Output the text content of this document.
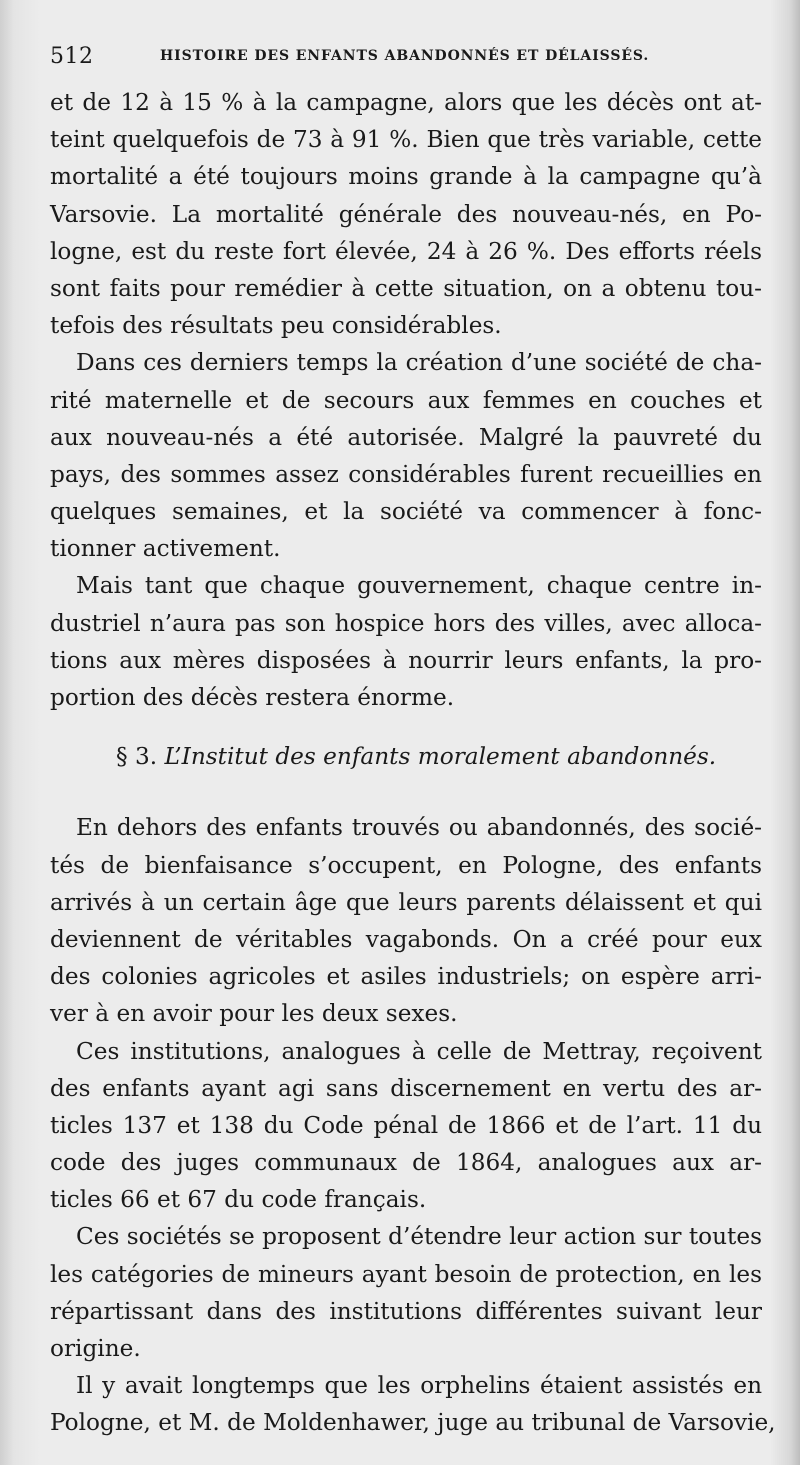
512	HISTOIRE DES ENFANTS ABANDONNÉS ET DÉLAISSÉS.
et de 12 à 15 % à la campagne, alors que les décès ont at-
teint quelquefois de 73 à 91 %. Bien que très variable, cette
mortalité a été toujours moins grande à la campagne qu’à
Varsovie. La mortalité générale des nouveau-nés, en Po-
logne, est du reste fort élevée, 24 à 26 %. Des efforts réels
sont faits pour remédier à cette situation, on a obtenu tou-
tefois des résultats peu considérables.
Dans ces derniers temps la création d’une société de cha-
rité maternelle et de secours aux femmes en couches et
aux nouveau-nés a été autorisée. Malgré la pauvreté du
pays, des sommes assez considérables furent recueillies en
quelques semaines, et la société va commencer à fonc-
tionner activement.
Mais tant que chaque gouvernement, chaque centre in-
dustriel n’aura pas son hospice hors des villes, avec alloca-
tions aux mères disposées à nourrir leurs enfants, la pro-
portion des décès restera énorme.
§ 3. L’Institut des enfants moralement abandonnés.
En dehors des enfants trouvés ou abandonnés, des socié-
tés de bienfaisance s’occupent, en Pologne, des enfants
arrivés à un certain âge que leurs parents délaissent et qui
deviennent de véritables vagabonds. On a créé pour eux
des colonies agricoles et asiles industriels; on espère arri-
ver à en avoir pour les deux sexes.
Ces institutions, analogues à celle de Mettray, reçoivent
des enfants ayant agi sans discernement en vertu des ar-
ticles 137 et 138 du Code pénal de 1866 et de l’art. 11 du
code des juges communaux de 1864, analogues aux ar-
ticles 66 et 67 du code français.
Ces sociétés se proposent d’étendre leur action sur toutes
les catégories de mineurs ayant besoin de protection, en les
répartissant dans des institutions différentes suivant leur
origine.
Il y avait longtemps que les orphelins étaient assistés en
Pologne, et M. de Moldenhawer, juge au tribunal de Varsovie,
